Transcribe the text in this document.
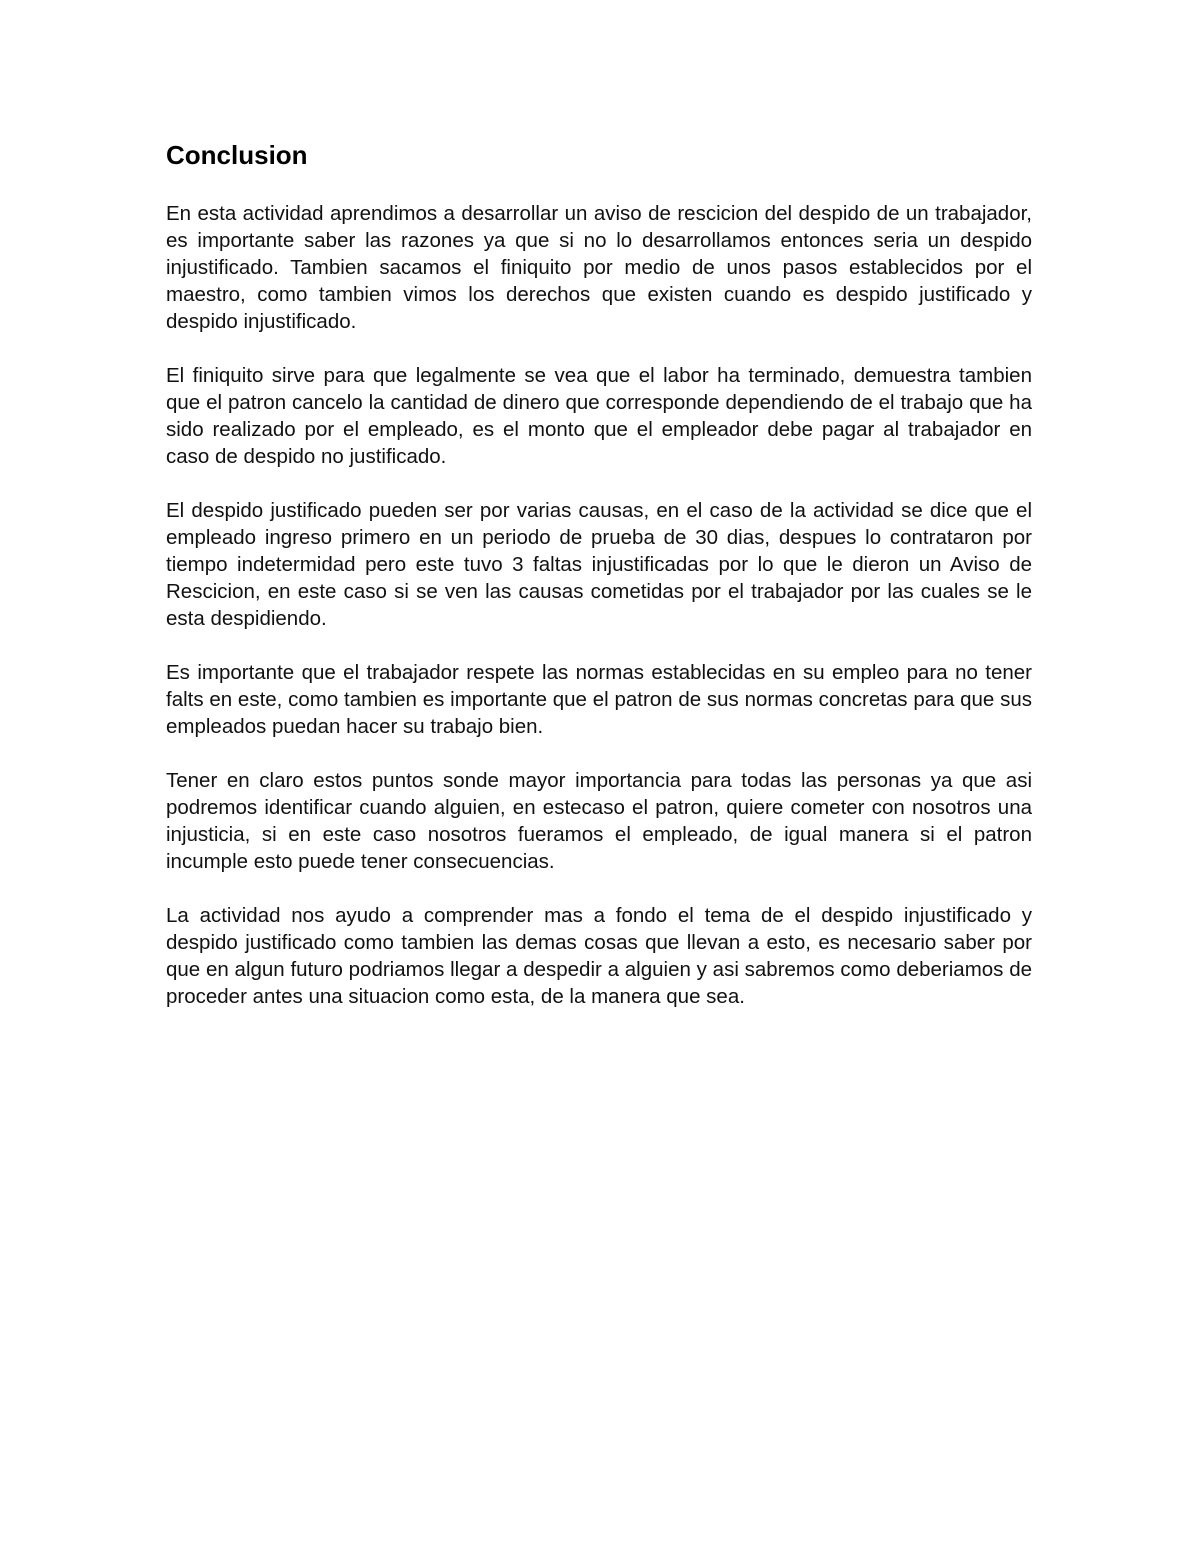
Conclusion

En esta actividad aprendimos a desarrollar un aviso de rescicion del despido de un trabajador, es importante saber las razones ya que si no lo desarrollamos entonces seria un despido injustificado. Tambien sacamos el finiquito por medio de unos pasos establecidos por el maestro, como tambien vimos los derechos que existen cuando es despido justificado y despido injustificado.

El finiquito sirve para que legalmente se vea que el labor ha terminado, demuestra tambien que el patron cancelo la cantidad de dinero que corresponde dependiendo de el trabajo que ha sido realizado por el empleado, es el monto que el empleador debe pagar al trabajador en caso de despido no justificado.

El despido justificado pueden ser por varias causas, en el caso de la actividad se dice que el empleado ingreso primero en un periodo de prueba de 30 dias, despues lo contrataron por tiempo indetermidad pero este tuvo 3 faltas injustificadas por lo que le dieron un Aviso de Rescicion, en este caso si se ven las causas cometidas por el trabajador por las cuales se le esta despidiendo.

Es importante que el trabajador respete las normas establecidas en su empleo para no tener falts en este, como tambien es importante que el patron de sus normas concretas para que sus empleados puedan hacer su trabajo bien.

Tener en claro estos puntos sonde mayor importancia para todas las personas ya que asi podremos identificar cuando alguien, en estecaso el patron, quiere cometer con nosotros una injusticia, si en este caso nosotros fueramos el empleado, de igual manera si el patron incumple esto puede tener consecuencias.

La actividad nos ayudo a comprender mas a fondo el tema de el despido injustificado y despido justificado como tambien las demas cosas que llevan a esto, es necesario saber por que en algun futuro podriamos llegar a despedir a alguien y asi sabremos como deberiamos de proceder antes una situacion como esta, de la manera que sea.
